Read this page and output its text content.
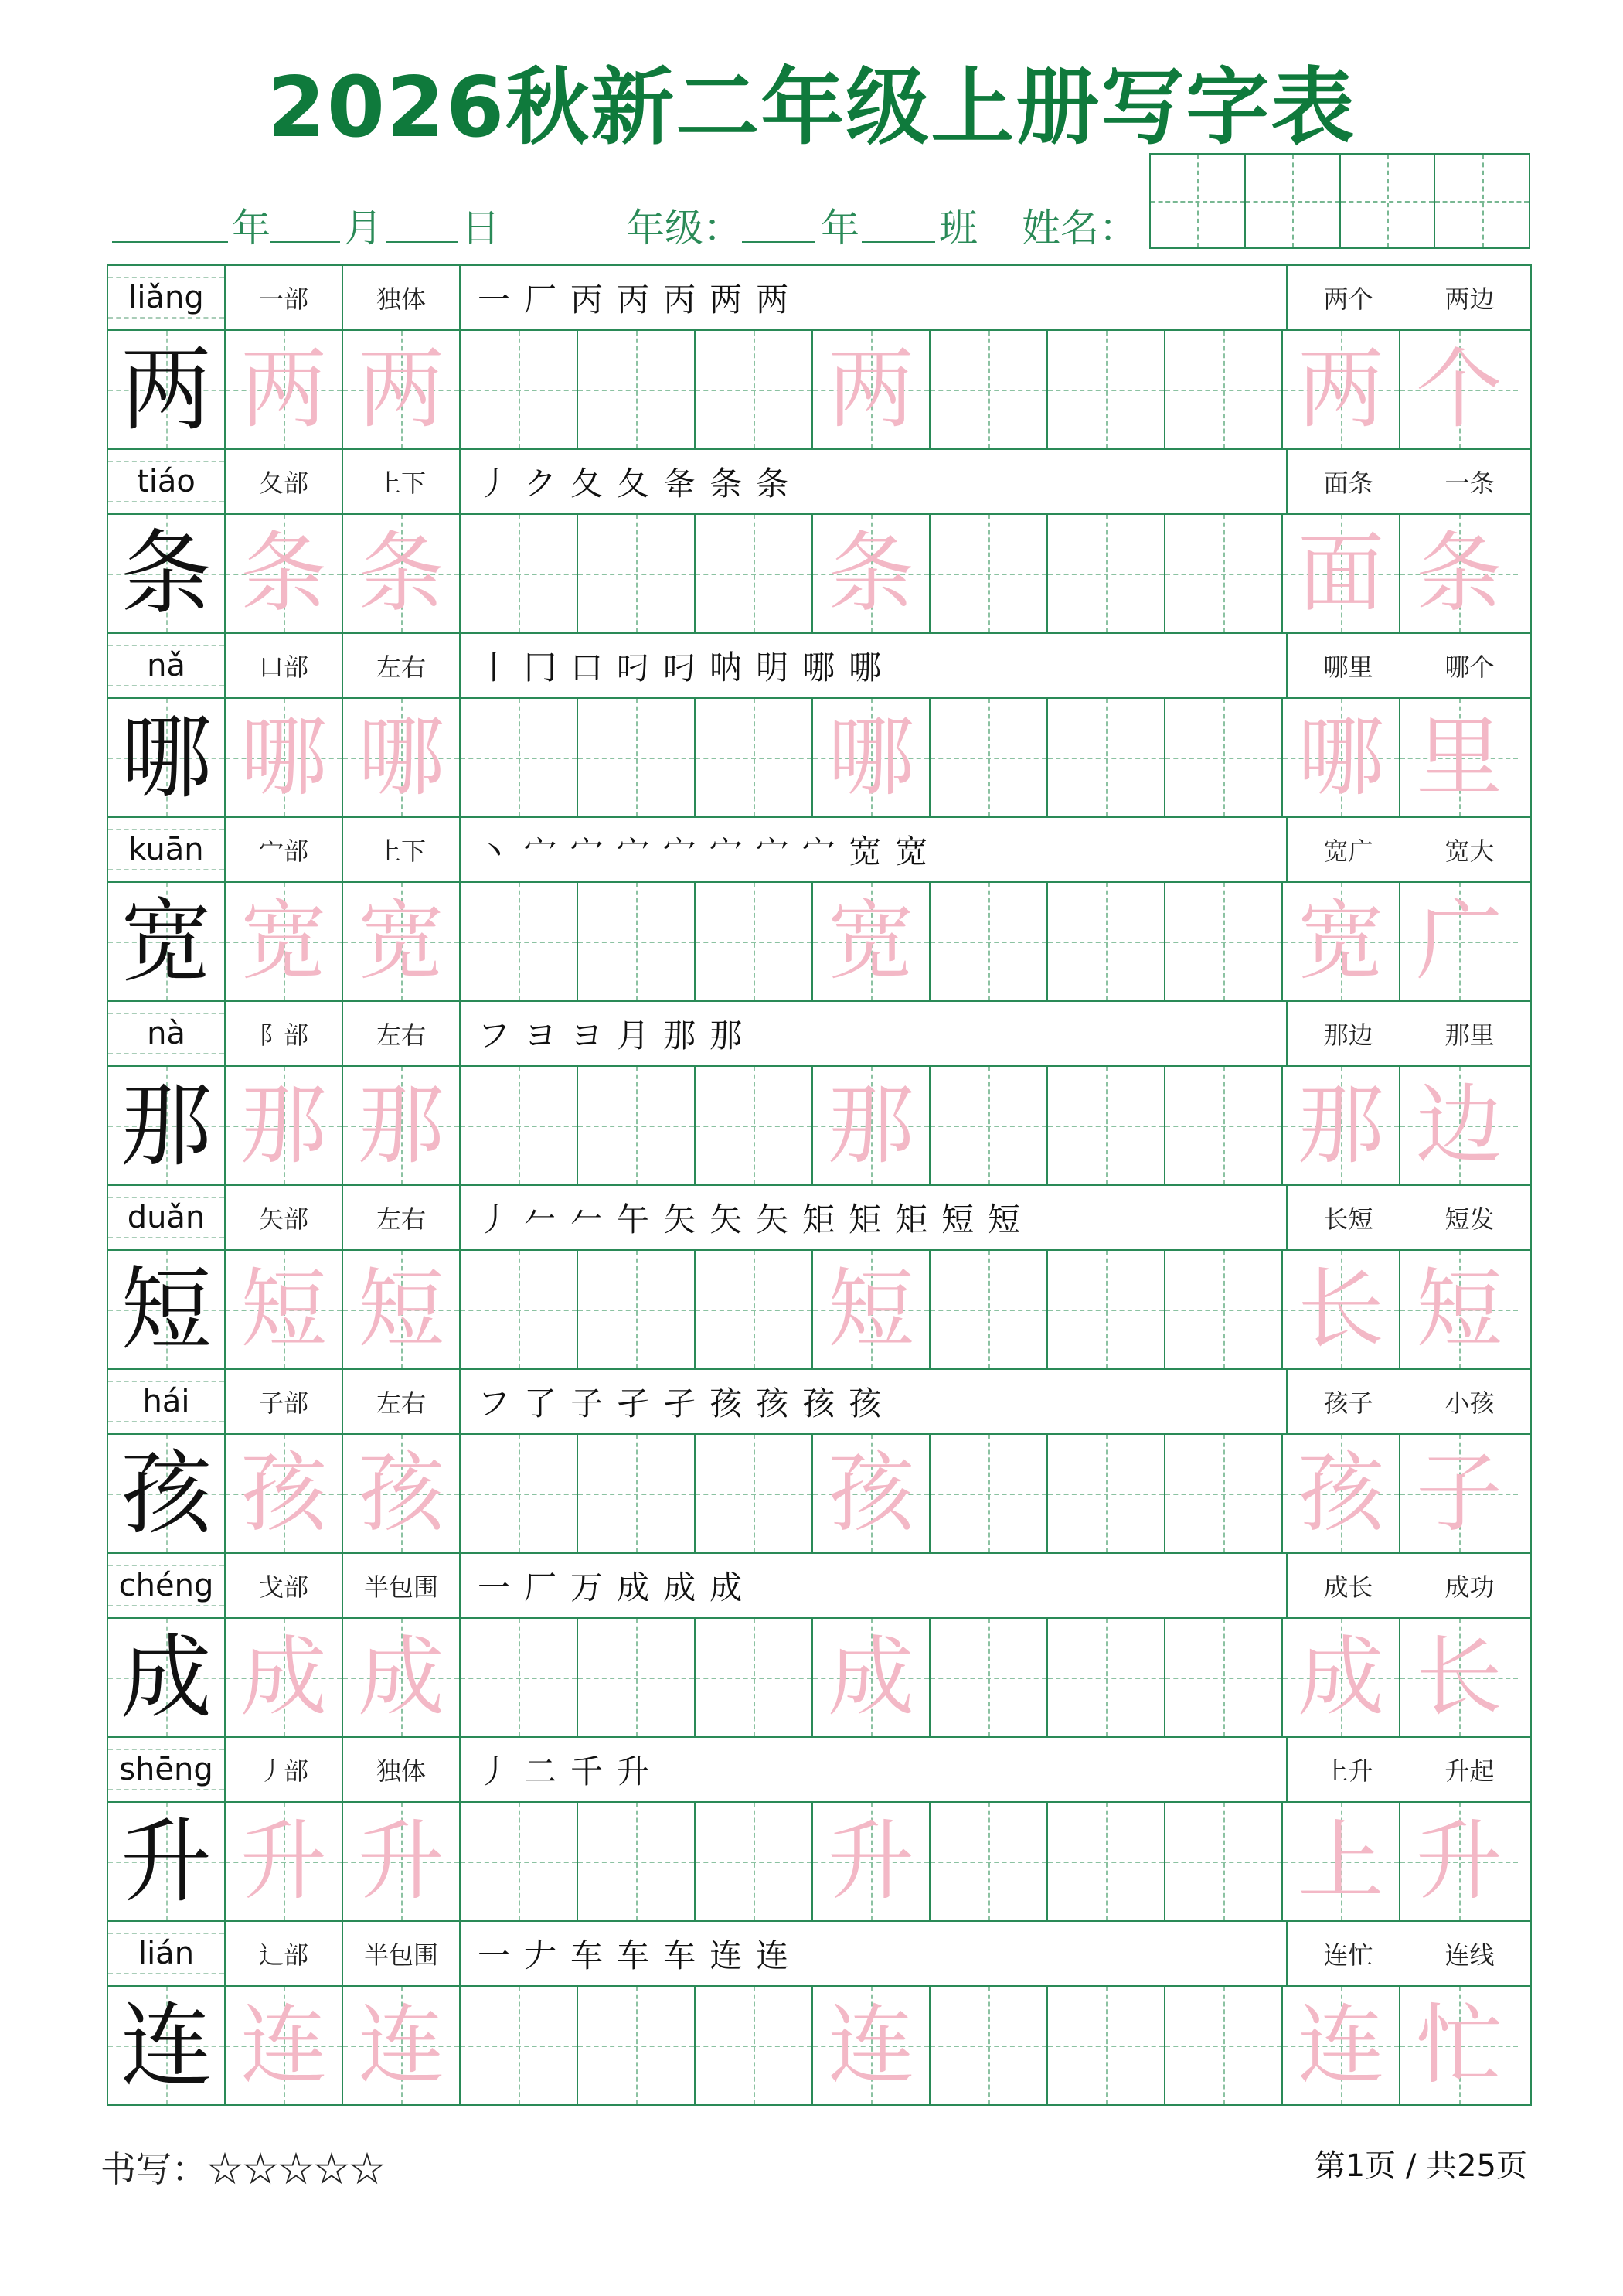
2026秋新二年级上册写字表
年 月 日	年级： 年 班 姓名：
liǎng	一部	独体	一 厂 丙 丙 丙 两 两	两个	两边
两 两 两	两	两 个
tiáo	夂部	上下	丿 ク 夂 夂 夅 条 条	面条	一条
条 条 条	条	面 条
nǎ	口部	左右	丨 冂 口 叼 叼 呐 明 哪 哪	哪里	哪个
哪 哪 哪	哪	哪 里
kuān	宀部	上下	丶 宀 宀 宀 宀 宀 宀 宀 宽 宽	宽广	宽大
宽 宽 宽	宽	宽 广
nà	阝部	左右	フ ヨ ヨ 月 那 那	那边	那里
那 那 那	那	那 边
duǎn	矢部	左右	丿 𠂉 𠂉 午 矢 矢 矢 矩 矩 矩 短 短	长短	短发
短 短 短	短	长 短
hái	子部	左右	フ 了 子 孑 孑 孩 孩 孩 孩	孩子	小孩
孩 孩 孩	孩	孩 子
chéng	戈部	半包围	一 厂 万 成 成 成	成长	成功
成 成 成	成	成 长
shēng	丿部	独体	丿 二 千 升	上升	升起
升 升 升	升	上 升
lián	辶部	半包围	一 𠂇 车 车 车 连 连	连忙	连线
连 连 连	连	连 忙
书写：☆☆☆☆☆	第1页 / 共25页
